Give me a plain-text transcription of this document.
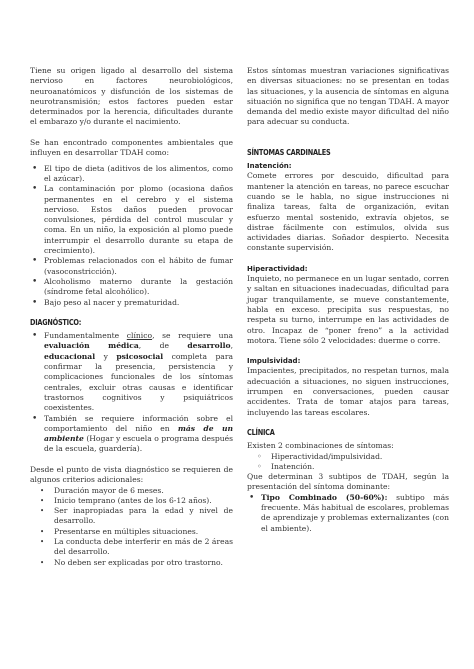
Tiene su origen ligado al desarrollo del sistema nervioso en factores neurobiológicos, neuroanatómicos y disfunción de los sistemas de neurotransmisión; estos factores pueden estar determinados por la herencia, dificultades durante el embarazo y/o durante el nacimiento.

Se han encontrado componentes ambientales que influyen en desarrollar TDAH como:

• El tipo de dieta (aditivos de los alimentos, como el azúcar).
• La contaminación por plomo (ocasiona daños permanentes en el cerebro y el sistema nervioso. Estos daños pueden provocar convulsiones, pérdida del control muscular y coma. En un niño, la exposición al plomo puede interrumpir el desarrollo durante su etapa de crecimiento).
• Problemas relacionados con el hábito de fumar (vasoconstricción).
• Alcoholismo materno durante la gestación (síndrome fetal alcohólico).
• Bajo peso al nacer y prematuridad.
DIAGNÓSTICO:
• Fundamentalmente clínico, se requiere una evaluación médica, de desarrollo, educacional y psicosocial completa para confirmar la presencia, persistencia y complicaciones funcionales de los síntomas centrales, excluir otras causas e identificar trastornos cognitivos y psiquiátricos coexistentes.
• También se requiere información sobre el comportamiento del niño en más de un ambiente (Hogar y escuela o programa después de la escuela, guardería).

Desde el punto de vista diagnóstico se requieren de algunos criterios adicionales:

• Duración mayor de 6 meses.
• Inicio temprano (antes de los 6-12 años).
• Ser inapropiadas para la edad y nivel de desarrollo.
• Presentarse en múltiples situaciones.
• La conducta debe interferir en más de 2 áreas del desarrollo.
• No deben ser explicadas por otro trastorno.

Estos síntomas muestran variaciones significativas en diversas situaciones: no se presentan en todas las situaciones, y la ausencia de síntomas en alguna situación no significa que no tengan TDAH. A mayor demanda del medio existe mayor dificultad del niño para adecuar su conducta.

SÍNTOMAS CARDINALES
Inatención:

Comete errores por descuido, dificultad para mantener la atención en tareas, no parece escuchar cuando se le habla, no sigue instrucciones ni finaliza tareas, falta de organización, evitan esfuerzo mental sostenido, extravía objetos, se distrae fácilmente con estímulos, olvida sus actividades diarias. Soñador despierto. Necesita constante supervisión.

Hiperactividad:

Inquieto, no permanece en un lugar sentado, corren y saltan en situaciones inadecuadas, dificultad para jugar tranquilamente, se mueve constantemente, habla en exceso. precipita sus respuestas, no respeta su turno, interrumpe en las actividades de otro. Incapaz de “poner freno” a la actividad motora. Tiene sólo 2 velocidades: duerme o corre.

Impulsividad:

Impacientes, precipitados, no respetan turnos, mala adecuación a situaciones, no siguen instrucciones, irrumpen en conversaciones, pueden causar accidentes. Trata de tomar atajos para tareas, incluyendo las tareas escolares.

CLÍNICA

Existen 2 combinaciones de síntomas:

◦ Hiperactividad/impulsividad.
◦ Inatención.

Que determinan 3 subtipos de TDAH, según la presentación del síntoma dominante:

• Tipo Combinado (50-60%): subtipo más frecuente. Más habitual de escolares, problemas de aprendizaje y problemas externalizantes (con el ambiente).
